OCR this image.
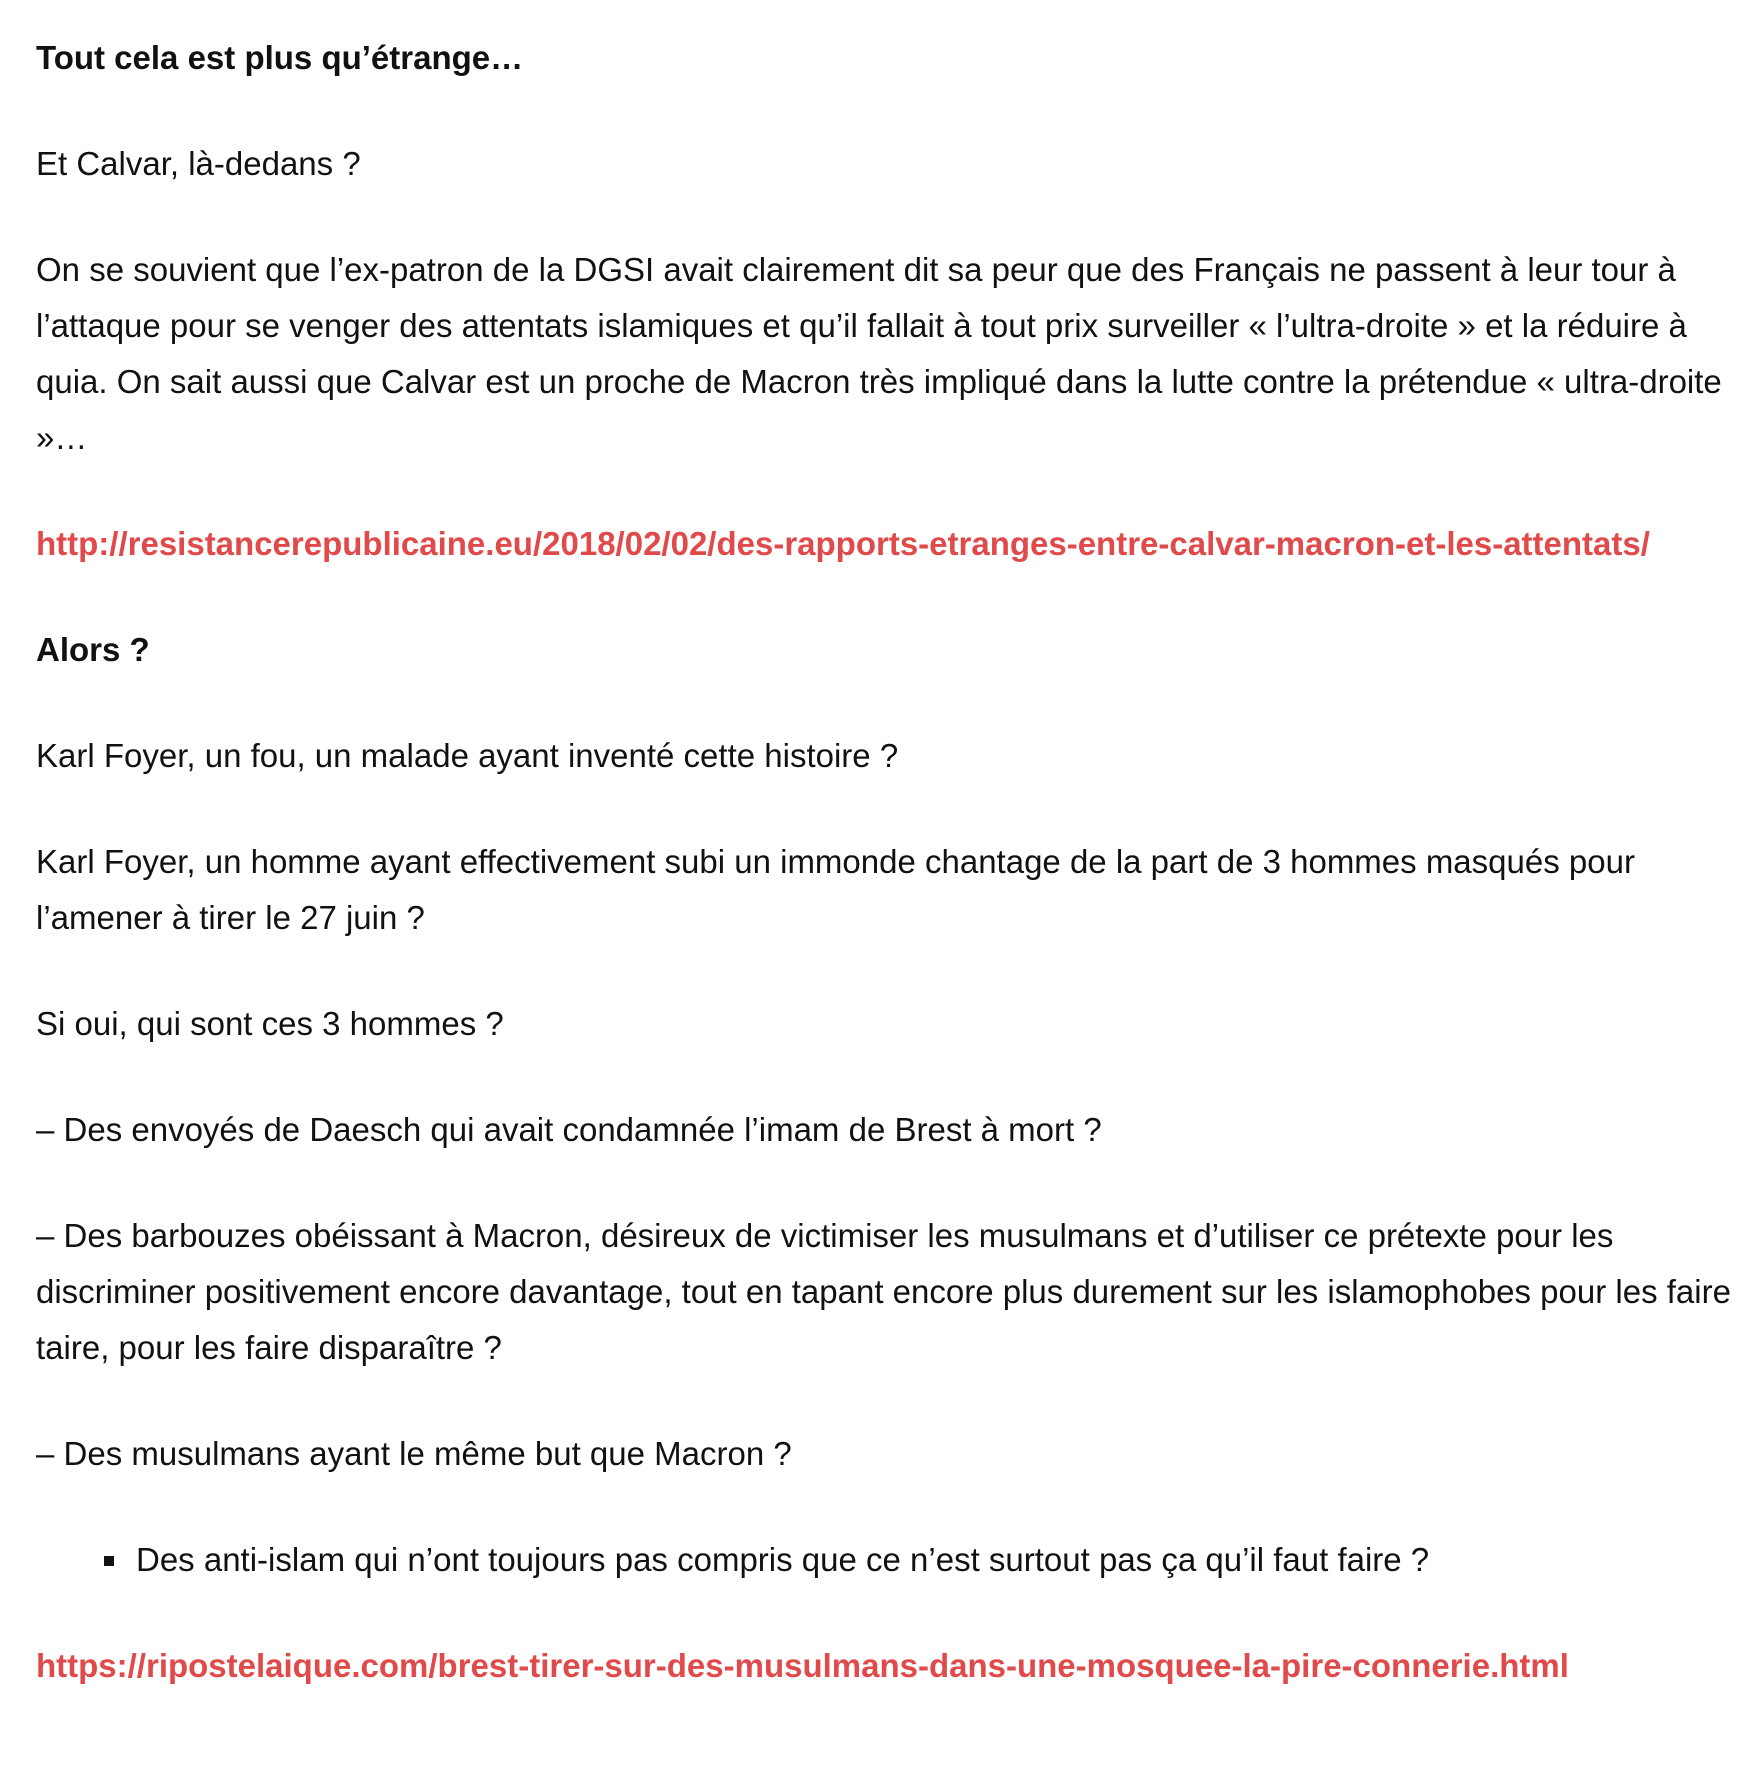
Tout cela est plus qu’étrange…

Et Calvar, là-dedans ?

On se souvient que l’ex-patron de la DGSI avait clairement dit sa peur que des Français ne passent à leur tour à l’attaque pour se venger des attentats islamiques et qu’il fallait à tout prix surveiller « l’ultra-droite » et la réduire à quia. On sait aussi que Calvar est un proche de Macron très impliqué dans la lutte contre la prétendue « ultra-droite »…

http://resistancerepublicaine.eu/2018/02/02/des-rapports-etranges-entre-calvar-macron-et-les-attentats/

Alors ?

Karl Foyer, un fou, un malade ayant inventé cette histoire ?

Karl Foyer, un homme ayant effectivement subi un immonde chantage de la part de 3 hommes masqués pour l’amener à tirer le 27 juin ?

Si oui, qui sont ces 3 hommes ?

– Des envoyés de Daesch qui avait condamnée l’imam de Brest à mort ?

– Des barbouzes obéissant à Macron, désireux de victimiser les musulmans et d’utiliser ce prétexte pour les discriminer positivement encore davantage, tout en tapant encore plus durement sur les islamophobes pour les faire taire, pour les faire disparaître ?

– Des musulmans ayant le même but que Macron ?

Des anti-islam qui n’ont toujours pas compris que ce n’est surtout pas ça qu’il faut faire ?

https://ripostelaique.com/brest-tirer-sur-des-musulmans-dans-une-mosquee-la-pire-connerie.html
